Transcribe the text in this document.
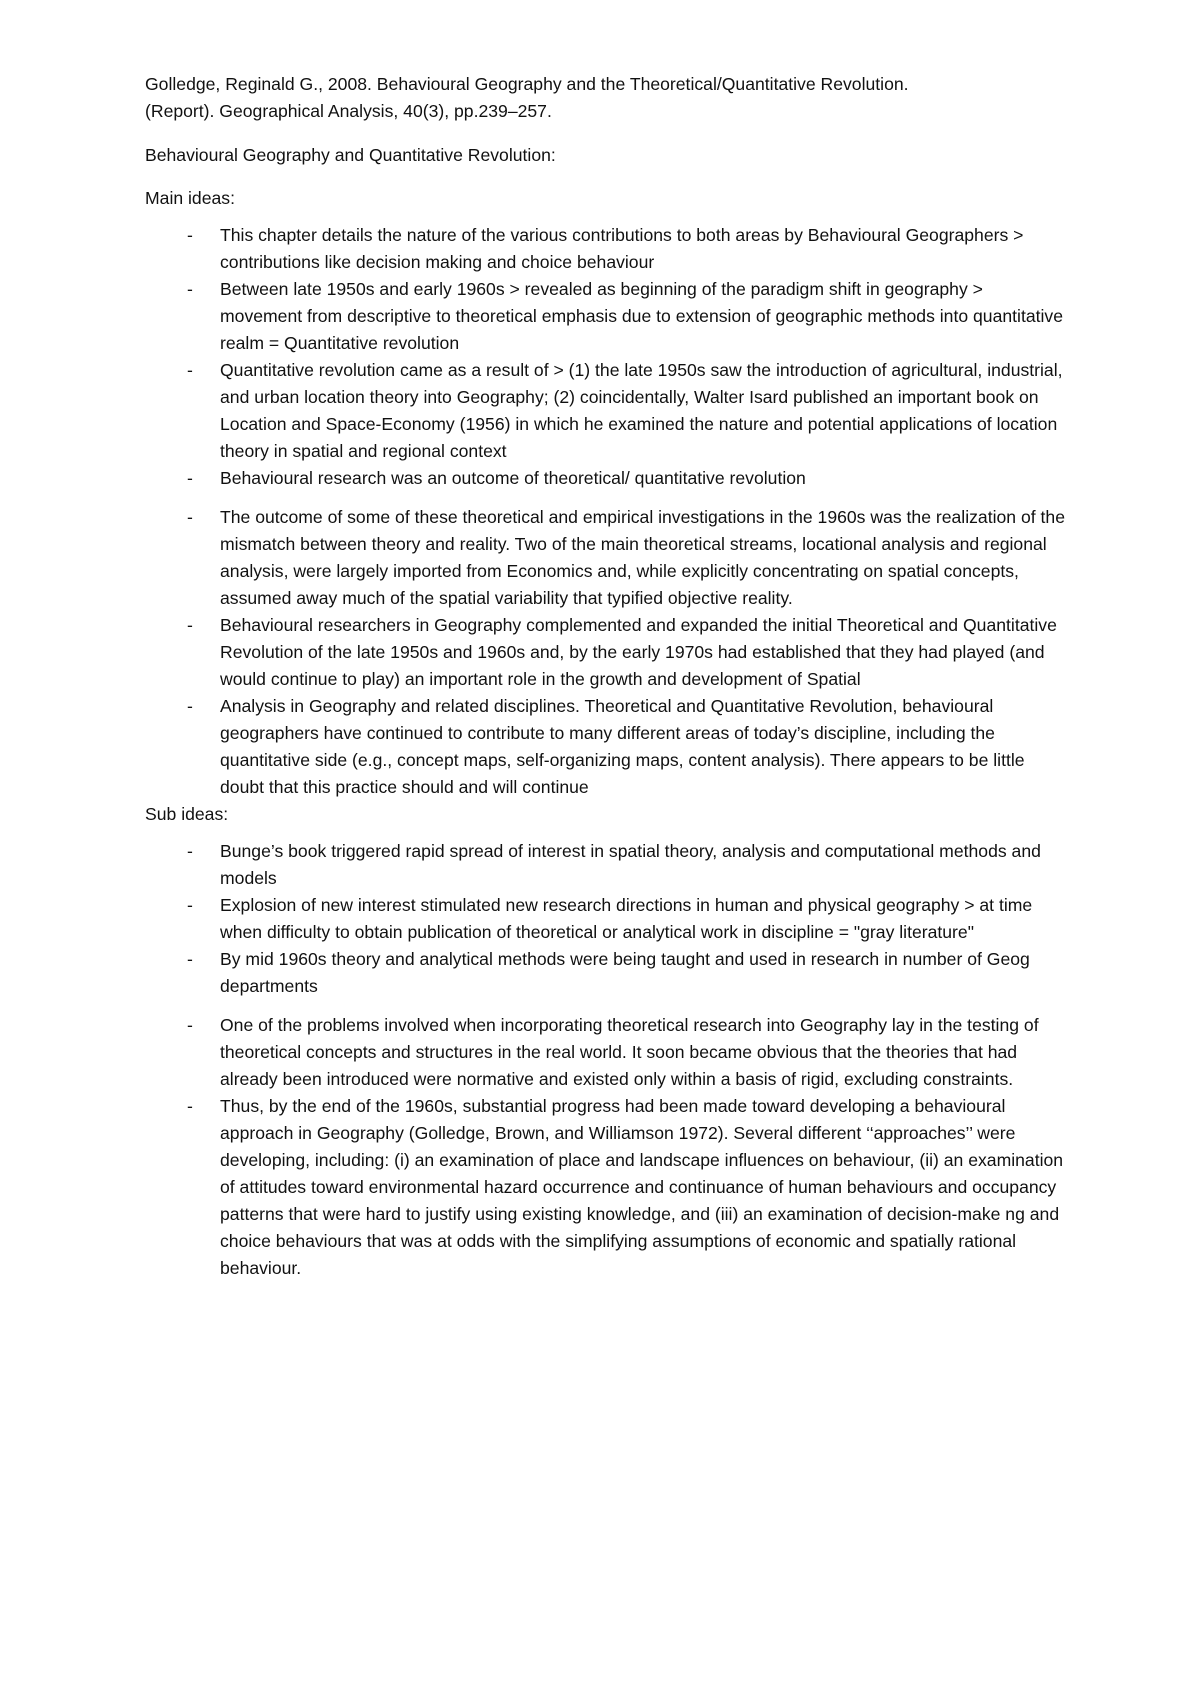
Golledge, Reginald G., 2008. Behavioural Geography and the Theoretical/Quantitative Revolution.
(Report). Geographical Analysis, 40(3), pp.239–257.

Behavioural Geography and Quantitative Revolution:

Main ideas:

- This chapter details the nature of the various contributions to both areas by Behavioural Geographers > contributions like decision making and choice behaviour
- Between late 1950s and early 1960s > revealed as beginning of the paradigm shift in geography > movement from descriptive to theoretical emphasis due to extension of geographic methods into quantitative realm = Quantitative revolution
- Quantitative revolution came as a result of > (1) the late 1950s saw the introduction of agricultural, industrial, and urban location theory into Geography; (2) coincidentally, Walter Isard published an important book on Location and Space-Economy (1956) in which he examined the nature and potential applications of location theory in spatial and regional context
- Behavioural research was an outcome of theoretical/ quantitative revolution
- The outcome of some of these theoretical and empirical investigations in the 1960s was the realization of the mismatch between theory and reality. Two of the main theoretical streams, locational analysis and regional analysis, were largely imported from Economics and, while explicitly concentrating on spatial concepts, assumed away much of the spatial variability that typified objective reality.
- Behavioural researchers in Geography complemented and expanded the initial Theoretical and Quantitative Revolution of the late 1950s and 1960s and, by the early 1970s had established that they had played (and would continue to play) an important role in the growth and development of Spatial
- Analysis in Geography and related disciplines. Theoretical and Quantitative Revolution, behavioural geographers have continued to contribute to many different areas of today’s discipline, including the quantitative side (e.g., concept maps, self-organizing maps, content analysis). There appears to be little doubt that this practice should and will continue

Sub ideas:

- Bunge’s book triggered rapid spread of interest in spatial theory, analysis and computational methods and models
- Explosion of new interest stimulated new research directions in human and physical geography > at time when difficulty to obtain publication of theoretical or analytical work in discipline = "gray literature"
- By mid 1960s theory and analytical methods were being taught and used in research in number of Geog departments
- One of the problems involved when incorporating theoretical research into Geography lay in the testing of theoretical concepts and structures in the real world. It soon became obvious that the theories that had already been introduced were normative and existed only within a basis of rigid, excluding constraints.
- Thus, by the end of the 1960s, substantial progress had been made toward developing a behavioural approach in Geography (Golledge, Brown, and Williamson 1972). Several different ‘‘approaches’’ were developing, including: (i) an examination of place and landscape influences on behaviour, (ii) an examination of attitudes toward environmental hazard occurrence and continuance of human behaviours and occupancy patterns that were hard to justify using existing knowledge, and (iii) an examination of decision-make ng and choice behaviours that was at odds with the simplifying assumptions of economic and spatially rational behaviour.
